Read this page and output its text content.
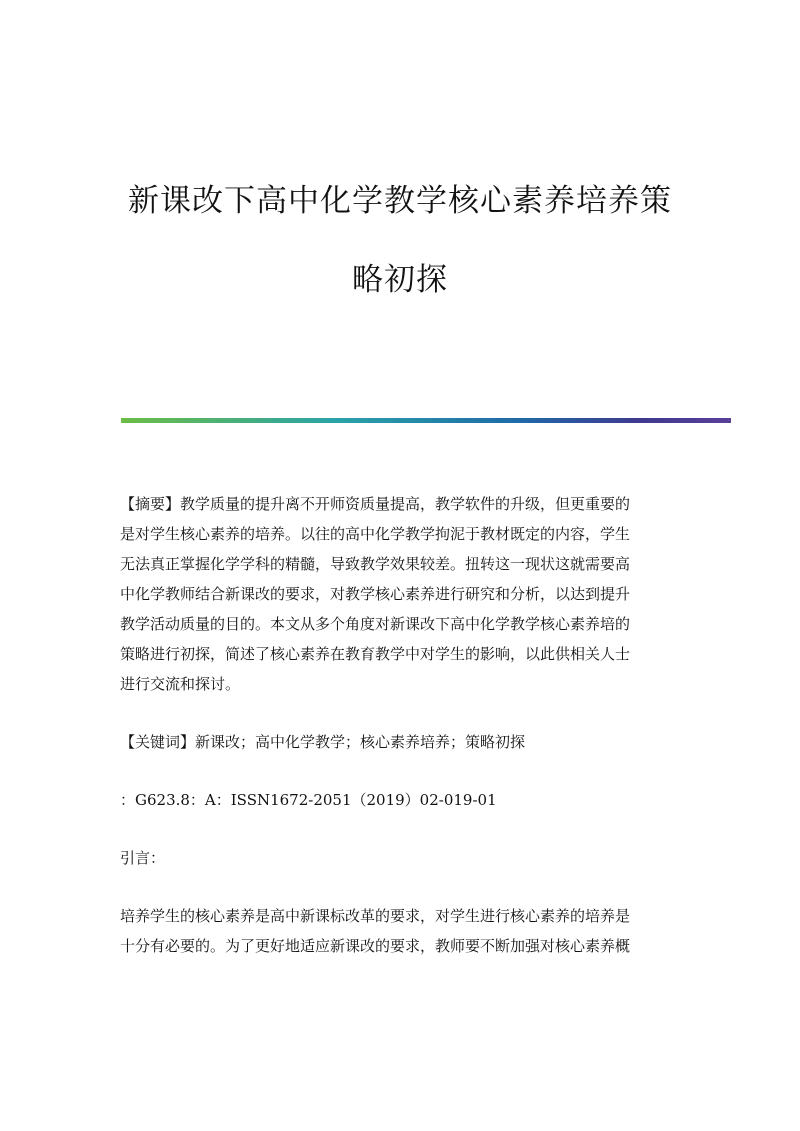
新课改下高中化学教学核心素养培养策
略初探
【摘要】教学质量的提升离不开师资质量提高，教学软件的升级，但更重要的
是对学生核心素养的培养。以往的高中化学教学拘泥于教材既定的内容，学生
无法真正掌握化学学科的精髓，导致教学效果较差。扭转这一现状这就需要高
中化学教师结合新课改的要求，对教学核心素养进行研究和分析，以达到提升
教学活动质量的目的。本文从多个角度对新课改下高中化学教学核心素养培的
策略进行初探，简述了核心素养在教育教学中对学生的影响，以此供相关人士
进行交流和探讨。
【关键词】新课改；高中化学教学；核心素养培养；策略初探
：G623.8：A：ISSN1672-2051（2019）02-019-01
引言：
培养学生的核心素养是高中新课标改革的要求，对学生进行核心素养的培养是
十分有必要的。为了更好地适应新课改的要求，教师要不断加强对核心素养概
